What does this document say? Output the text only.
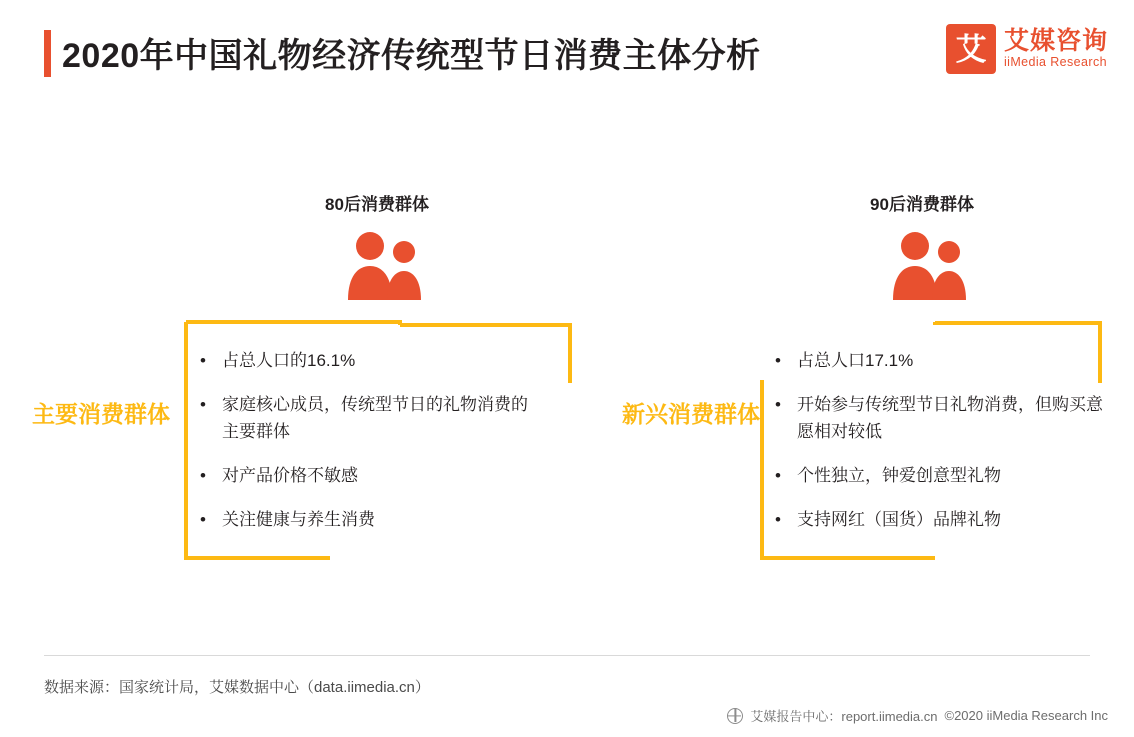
2020年中国礼物经济传统型节日消费主体分析	艾 艾媒咨询
iiMedia Research
80后消费群体
主要消费群体
• 占总人口的16.1%
• 家庭核心成员，传统型节日的礼物消费的主要群体
• 对产品价格不敏感
• 关注健康与养生消费
90后消费群体
新兴消费群体
• 占总人口17.1%
• 开始参与传统型节日礼物消费，但购买意愿相对较低
• 个性独立，钟爱创意型礼物
• 支持网红（国货）品牌礼物
数据来源：国家统计局，艾媒数据中心（data.iimedia.cn）
艾媒报告中心：report.iimedia.cn ©2020 iiMedia Research Inc
